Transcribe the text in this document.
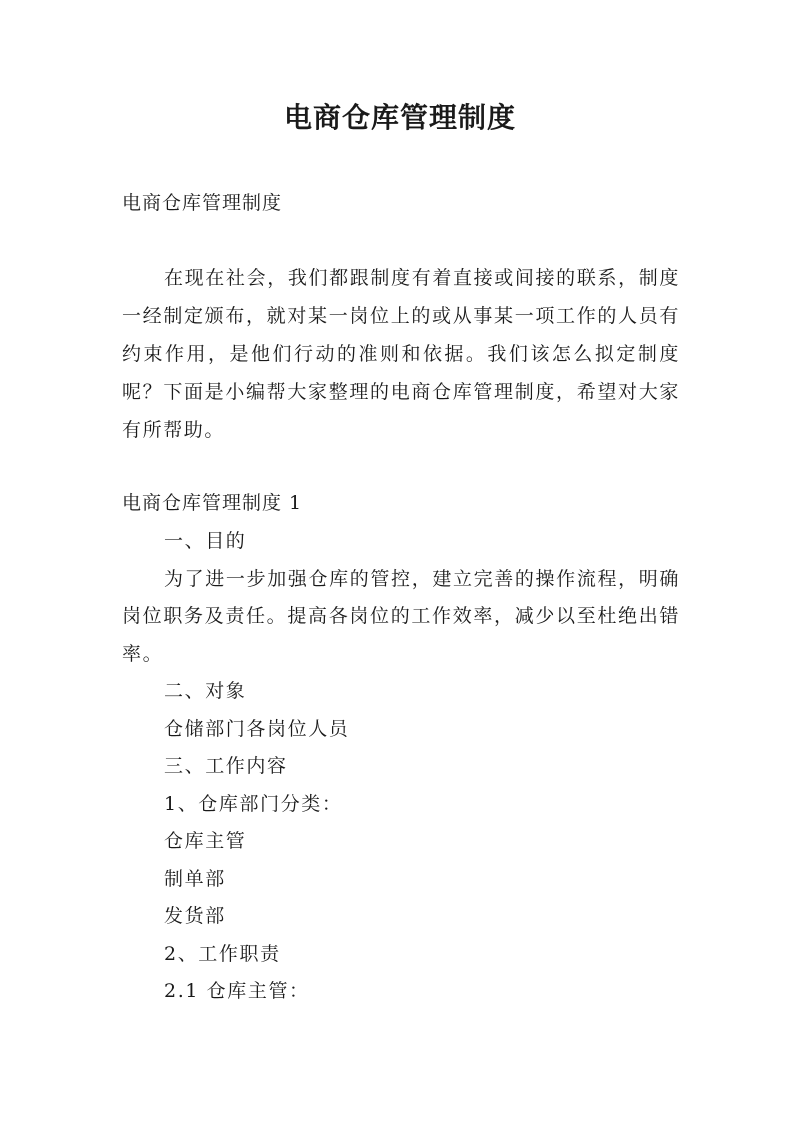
电商仓库管理制度
电商仓库管理制度

在现在社会，我们都跟制度有着直接或间接的联系，制度一经制定颁布，就对某一岗位上的或从事某一项工作的人员有约束作用，是他们行动的准则和依据。我们该怎么拟定制度呢？下面是小编帮大家整理的电商仓库管理制度，希望对大家有所帮助。

电商仓库管理制度 1

一、目的

为了进一步加强仓库的管控，建立完善的操作流程，明确岗位职务及责任。提高各岗位的工作效率，减少以至杜绝出错率。

二、对象

仓储部门各岗位人员

三、工作内容

1、仓库部门分类：

仓库主管

制单部

发货部

2、工作职责

2.1 仓库主管：
